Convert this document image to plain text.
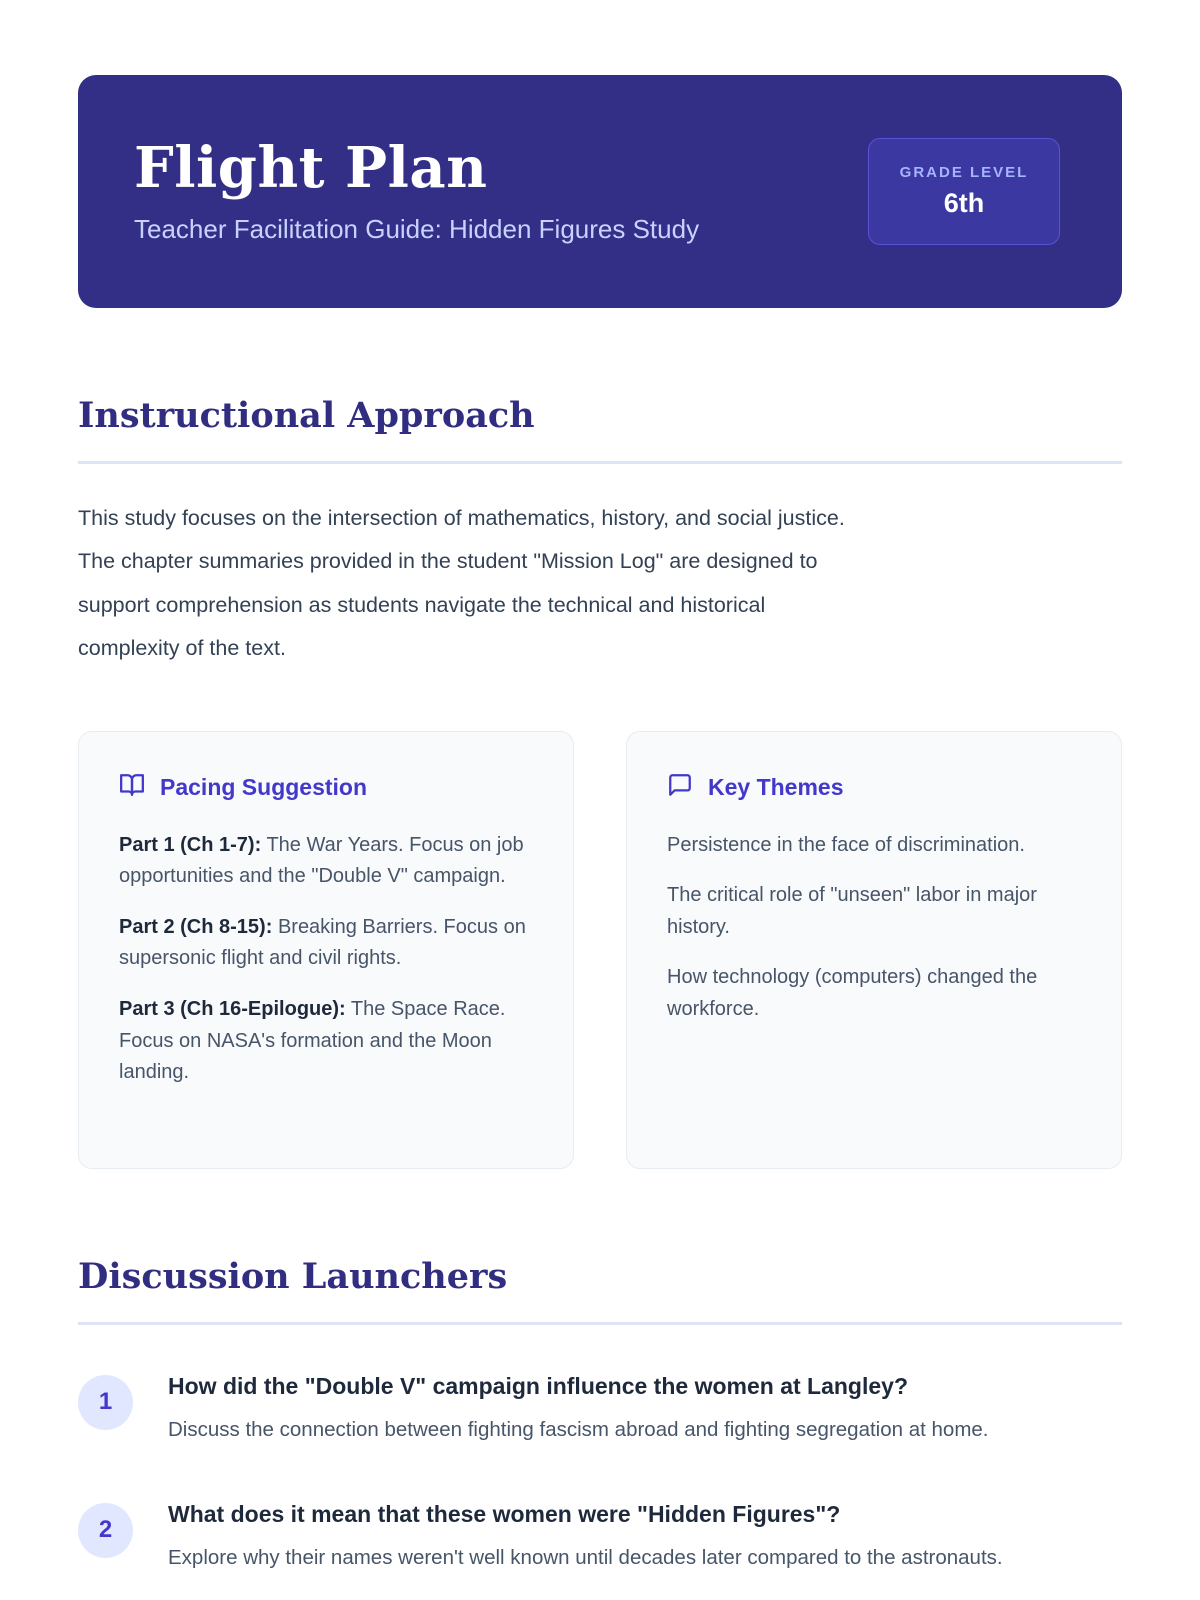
Flight Plan

Teacher Facilitation Guide: Hidden Figures Study

GRADE LEVEL
6th
Instructional Approach

This study focuses on the intersection of mathematics, history, and social justice.
The chapter summaries provided in the student "Mission Log" are designed to
support comprehension as students navigate the technical and historical
complexity of the text.

Pacing Suggestion

Part 1 (Ch 1-7): The War Years. Focus on job opportunities and the "Double V" campaign.

Part 2 (Ch 8-15): Breaking Barriers. Focus on supersonic flight and civil rights.

Part 3 (Ch 16-Epilogue): The Space Race. Focus on NASA's formation and the Moon landing.

Key Themes

Persistence in the face of discrimination.

The critical role of "unseen" labor in major history.

How technology (computers) changed the workforce.

Discussion Launchers
1
How did the "Double V" campaign influence the women at Langley?
Discuss the connection between fighting fascism abroad and fighting segregation at home.
2
What does it mean that these women were "Hidden Figures"?
Explore why their names weren't well known until decades later compared to the astronauts.
